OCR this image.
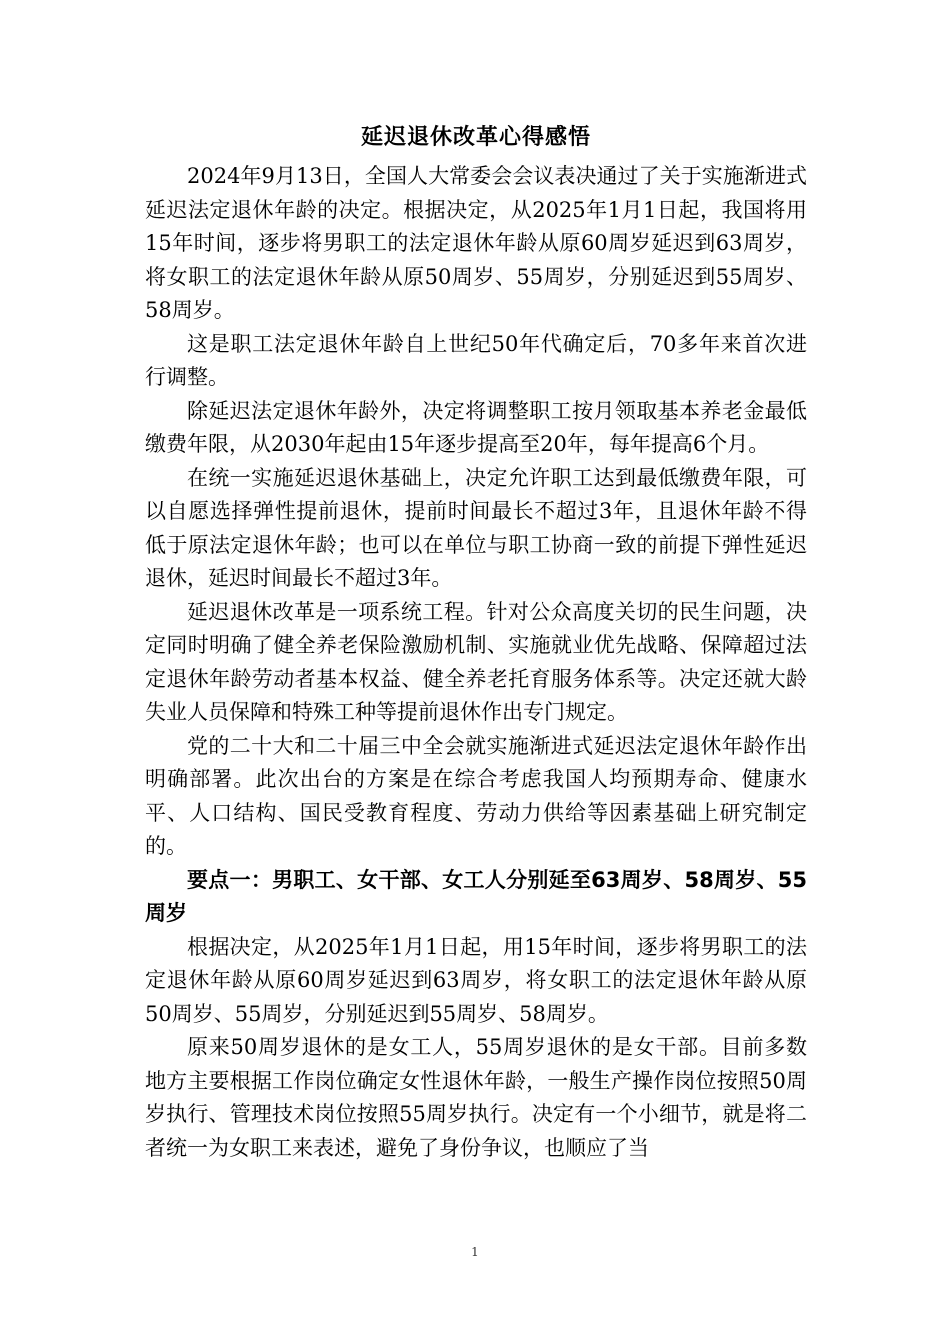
延迟退休改革心得感悟

2024年9月13日，全国人大常委会会议表决通过了关于实施渐进式延迟法定退休年龄的决定。根据决定，从2025年1月1日起，我国将用15年时间，逐步将男职工的法定退休年龄从原60周岁延迟到63周岁，将女职工的法定退休年龄从原50周岁、55周岁，分别延迟到55周岁、58周岁。

这是职工法定退休年龄自上世纪50年代确定后，70多年来首次进行调整。

除延迟法定退休年龄外，决定将调整职工按月领取基本养老金最低缴费年限，从2030年起由15年逐步提高至20年，每年提高6个月。

在统一实施延迟退休基础上，决定允许职工达到最低缴费年限，可以自愿选择弹性提前退休，提前时间最长不超过3年，且退休年龄不得低于原法定退休年龄；也可以在单位与职工协商一致的前提下弹性延迟退休，延迟时间最长不超过3年。

延迟退休改革是一项系统工程。针对公众高度关切的民生问题，决定同时明确了健全养老保险激励机制、实施就业优先战略、保障超过法定退休年龄劳动者基本权益、健全养老托育服务体系等。决定还就大龄失业人员保障和特殊工种等提前退休作出专门规定。

党的二十大和二十届三中全会就实施渐进式延迟法定退休年龄作出明确部署。此次出台的方案是在综合考虑我国人均预期寿命、健康水平、人口结构、国民受教育程度、劳动力供给等因素基础上研究制定的。

要点一：男职工、女干部、女工人分别延至63周岁、58周岁、55周岁

根据决定，从2025年1月1日起，用15年时间，逐步将男职工的法定退休年龄从原60周岁延迟到63周岁，将女职工的法定退休年龄从原50周岁、55周岁，分别延迟到55周岁、58周岁。

原来50周岁退休的是女工人，55周岁退休的是女干部。目前多数地方主要根据工作岗位确定女性退休年龄，一般生产操作岗位按照50周岁执行、管理技术岗位按照55周岁执行。决定有一个小细节，就是将二者统一为女职工来表述，避免了身份争议，也顺应了当

1
